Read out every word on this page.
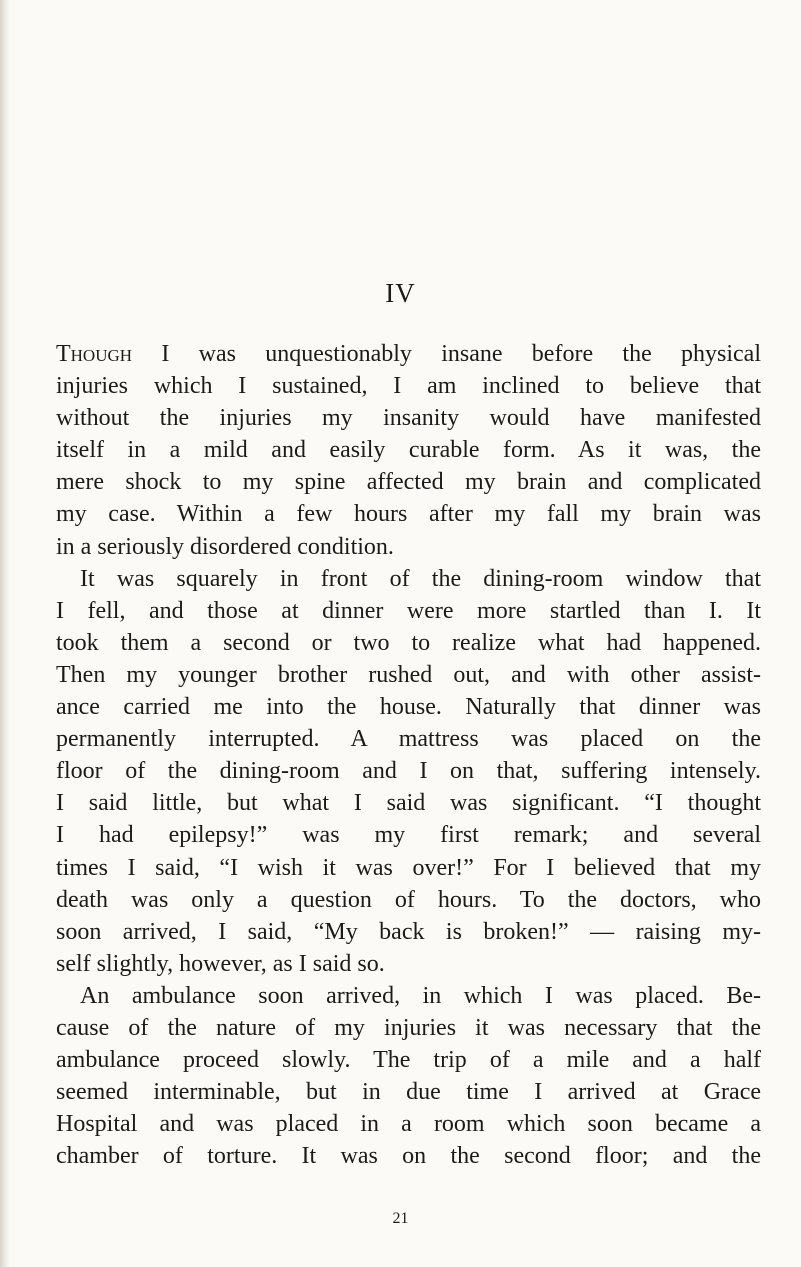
IV
Though I was unquestionably insane before the physical
injuries which I sustained, I am inclined to believe that
without the injuries my insanity would have manifested
itself in a mild and easily curable form. As it was, the
mere shock to my spine affected my brain and complicated
my case. Within a few hours after my fall my brain was
in a seriously disordered condition.
It was squarely in front of the dining-room window that
I fell, and those at dinner were more startled than I. It
took them a second or two to realize what had happened.
Then my younger brother rushed out, and with other assist-
ance carried me into the house. Naturally that dinner was
permanently interrupted. A mattress was placed on the
floor of the dining-room and I on that, suffering intensely.
I said little, but what I said was significant. “I thought
I had epilepsy!” was my first remark; and several
times I said, “I wish it was over!” For I believed that my
death was only a question of hours. To the doctors, who
soon arrived, I said, “My back is broken!” — raising my-
self slightly, however, as I said so.
An ambulance soon arrived, in which I was placed. Be-
cause of the nature of my injuries it was necessary that the
ambulance proceed slowly. The trip of a mile and a half
seemed interminable, but in due time I arrived at Grace
Hospital and was placed in a room which soon became a
chamber of torture. It was on the second floor; and the
21
